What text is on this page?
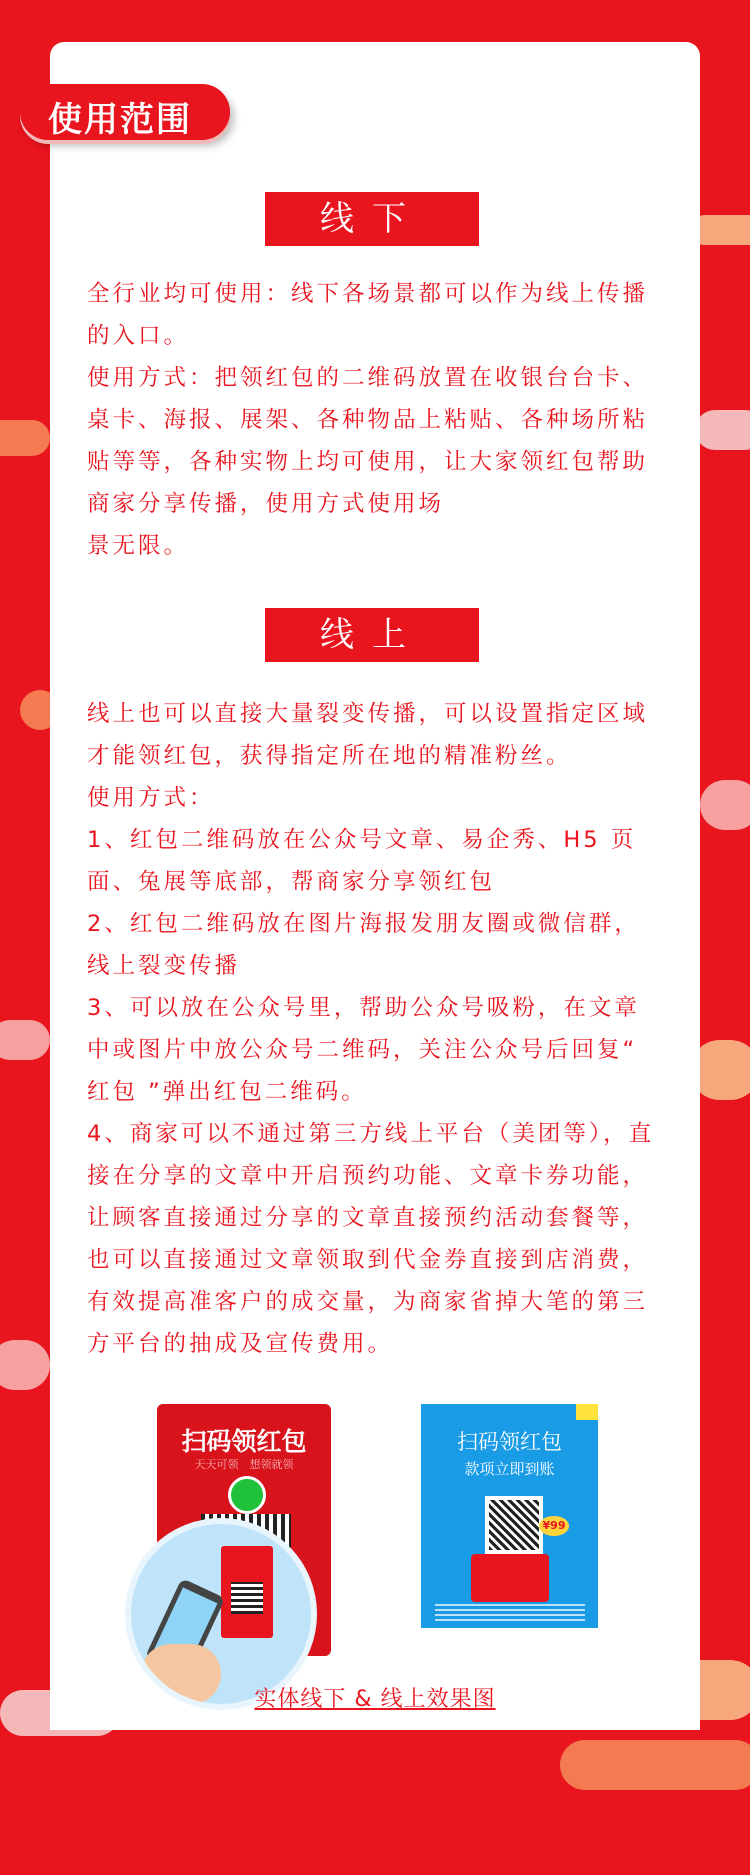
使用范围
线下

全行业均可使用：线下各场景都可以作为线上传播的入口。

使用方式：把领红包的二维码放置在收银台台卡、桌卡、海报、展架、各种物品上粘贴、各种场所粘贴等等，各种实物上均可使用，让大家领红包帮助商家分享传播，使用方式使用场

景无限。

线上

线上也可以直接大量裂变传播，可以设置指定区域才能领红包，获得指定所在地的精准粉丝。

使用方式：

1、红包二维码放在公众号文章、易企秀、H5 页面、兔展等底部，帮商家分享领红包

2、红包二维码放在图片海报发朋友圈或微信群，线上裂变传播

3、可以放在公众号里，帮助公众号吸粉，在文章中或图片中放公众号二维码，关注公众号后回复“ 红包 ”弹出红包二维码。

4、商家可以不通过第三方线上平台（美团等），直接在分享的文章中开启预约功能、文章卡券功能，让顾客直接通过分享的文章直接预约活动套餐等，也可以直接通过文章领取到代金券直接到店消费，有效提高准客户的成交量，为商家省掉大笔的第三方平台的抽成及宣传费用。

扫码领红包
天天可领　想领就领
扫码领红包
款项立即到账
¥99
实体线下 & 线上效果图
